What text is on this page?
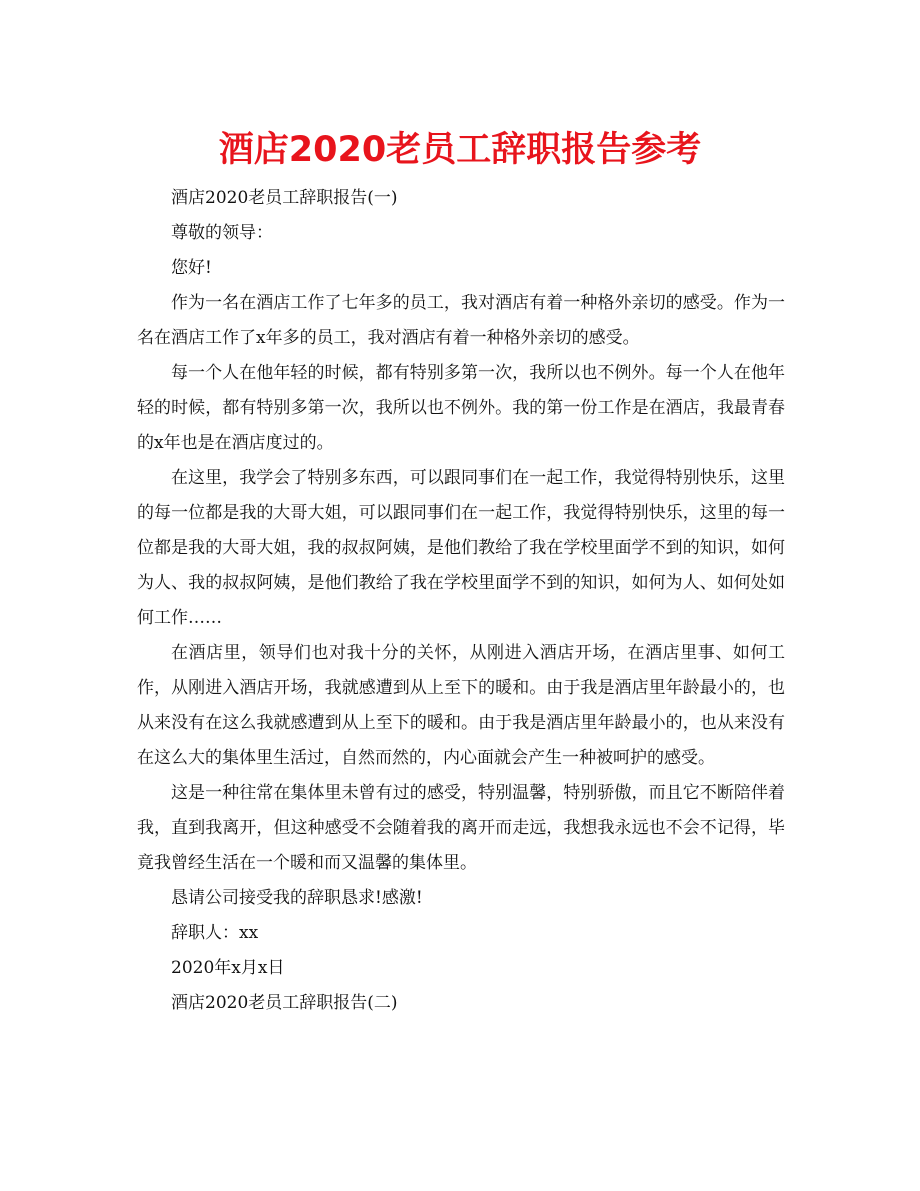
酒店2020老员工辞职报告参考

酒店2020老员工辞职报告(一)

尊敬的领导：

您好!

作为一名在酒店工作了七年多的员工，我对酒店有着一种格外亲切的感受。作为一名在酒店工作了x年多的员工，我对酒店有着一种格外亲切的感受。

每一个人在他年轻的时候，都有特别多第一次，我所以也不例外。每一个人在他年轻的时候，都有特别多第一次，我所以也不例外。我的第一份工作是在酒店，我最青春的x年也是在酒店度过的。

在这里，我学会了特别多东西，可以跟同事们在一起工作，我觉得特别快乐，这里的每一位都是我的大哥大姐，可以跟同事们在一起工作，我觉得特别快乐，这里的每一位都是我的大哥大姐，我的叔叔阿姨，是他们教给了我在学校里面学不到的知识，如何为人、我的叔叔阿姨，是他们教给了我在学校里面学不到的知识，如何为人、如何处如何工作……

在酒店里，领导们也对我十分的关怀，从刚进入酒店开场，在酒店里事、如何工作，从刚进入酒店开场，我就感遭到从上至下的暖和。由于我是酒店里年龄最小的，也从来没有在这么我就感遭到从上至下的暖和。由于我是酒店里年龄最小的，也从来没有在这么大的集体里生活过，自然而然的，内心面就会产生一种被呵护的感受。

这是一种往常在集体里未曾有过的感受，特别温馨，特别骄傲，而且它不断陪伴着我，直到我离开，但这种感受不会随着我的离开而走远，我想我永远也不会不记得，毕竟我曾经生活在一个暖和而又温馨的集体里。

恳请公司接受我的辞职恳求!感激!

辞职人：xx

2020年x月x日

酒店2020老员工辞职报告(二)
